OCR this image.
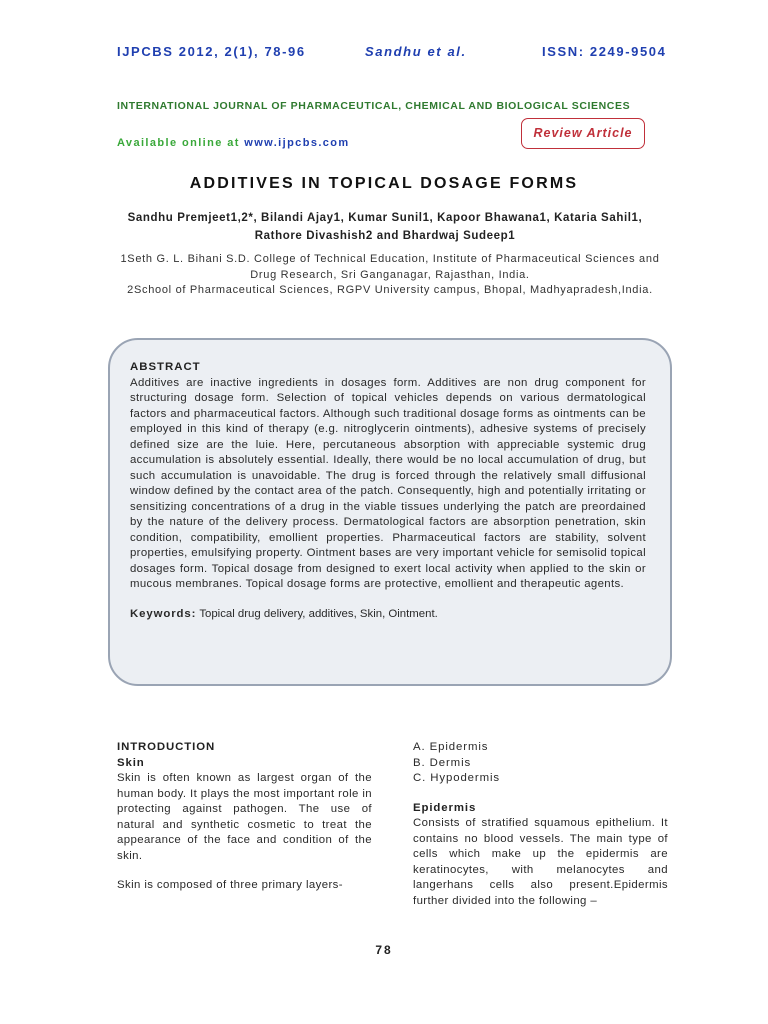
IJPCBS 2012, 2(1), 78-96	Sandhu et al.	ISSN: 2249-9504
INTERNATIONAL JOURNAL OF PHARMACEUTICAL, CHEMICAL AND BIOLOGICAL SCIENCES
Available online at www.ijpcbs.com
Review Article
ADDITIVES IN TOPICAL DOSAGE FORMS
Sandhu Premjeet1,2*, Bilandi Ajay1, Kumar Sunil1, Kapoor Bhawana1, Kataria Sahil1,
Rathore Divashish2 and Bhardwaj Sudeep1
1Seth G. L. Bihani S.D. College of Technical Education, Institute of Pharmaceutical Sciences and Drug Research, Sri Ganganagar, Rajasthan, India.
2School of Pharmaceutical Sciences, RGPV University campus, Bhopal, Madhyapradesh,India.
ABSTRACT
Additives are inactive ingredients in dosages form. Additives are non drug component for structuring dosage form. Selection of topical vehicles depends on various dermatological factors and pharmaceutical factors. Although such traditional dosage forms as ointments can be employed in this kind of therapy (e.g. nitroglycerin ointments), adhesive systems of precisely defined size are the luie. Here, percutaneous absorption with appreciable systemic drug accumulation is absolutely essential. Ideally, there would be no local accumulation of drug, but such accumulation is unavoidable. The drug is forced through the relatively small diffusional window defined by the contact area of the patch. Consequently, high and potentially irritating or sensitizing concentrations of a drug in the viable tissues underlying the patch are preordained by the nature of the delivery process. Dermatological factors are absorption penetration, skin condition, compatibility, emollient properties. Pharmaceutical factors are stability, solvent properties, emulsifying property. Ointment bases are very important vehicle for semisolid topical dosages form. Topical dosage from designed to exert local activity when applied to the skin or mucous membranes. Topical dosage forms are protective, emollient and therapeutic agents.
Keywords: Topical drug delivery, additives, Skin, Ointment.
INTRODUCTION
Skin
Skin is often known as largest organ of the human body. It plays the most important role in protecting against pathogen. The use of natural and synthetic cosmetic to treat the appearance of the face and condition of the skin.
Skin is composed of three primary layers-
A. Epidermis
B. Dermis
C. Hypodermis
Epidermis
Consists of stratified squamous epithelium. It contains no blood vessels. The main type of cells which make up the epidermis are keratinocytes, with melanocytes and langerhans cells also present.Epidermis further divided into the following –
78
